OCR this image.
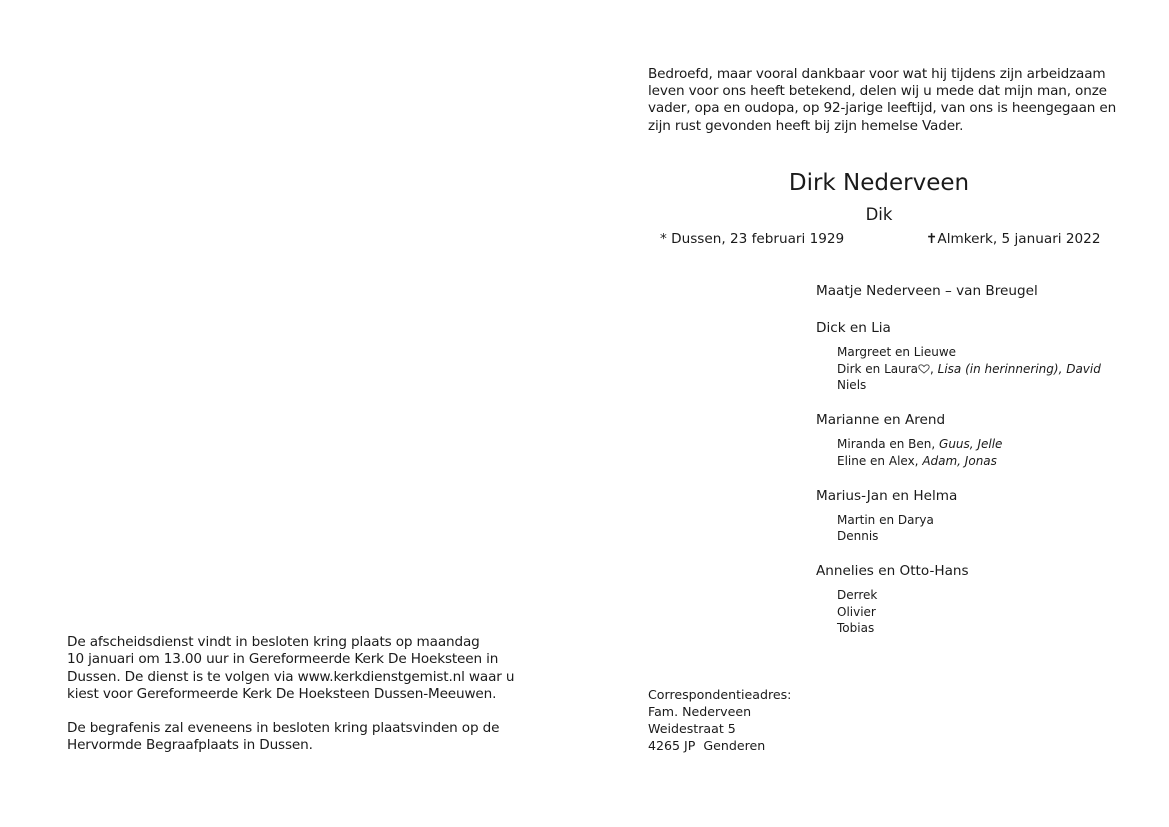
Bedroefd, maar vooral dankbaar voor wat hij tijdens zijn arbeidzaam
leven voor ons heeft betekend, delen wij u mede dat mijn man, onze
vader, opa en oudopa, op 92-jarige leeftijd, van ons is heengegaan en
zijn rust gevonden heeft bij zijn hemelse Vader.
Dirk Nederveen
Dik
* Dussen, 23 februari 1929	✝Almkerk, 5 januari 2022
Maatje Nederveen – van Breugel
Dick en Lia
Margreet en Lieuwe
Dirk en Laura , Lisa (in herinnering), David
Niels
Marianne en Arend
Miranda en Ben, Guus, Jelle
Eline en Alex, Adam, Jonas
Marius-Jan en Helma
Martin en Darya
Dennis
Annelies en Otto-Hans
Derrek
Olivier
Tobias
De afscheidsdienst vindt in besloten kring plaats op maandag
10 januari om 13.00 uur in Gereformeerde Kerk De Hoeksteen in
Dussen. De dienst is te volgen via www.kerkdienstgemist.nl waar u
kiest voor Gereformeerde Kerk De Hoeksteen Dussen-Meeuwen.
De begrafenis zal eveneens in besloten kring plaatsvinden op de
Hervormde Begraafplaats in Dussen.
Correspondentieadres:
Fam. Nederveen
Weidestraat 5
4265 JP  Genderen
